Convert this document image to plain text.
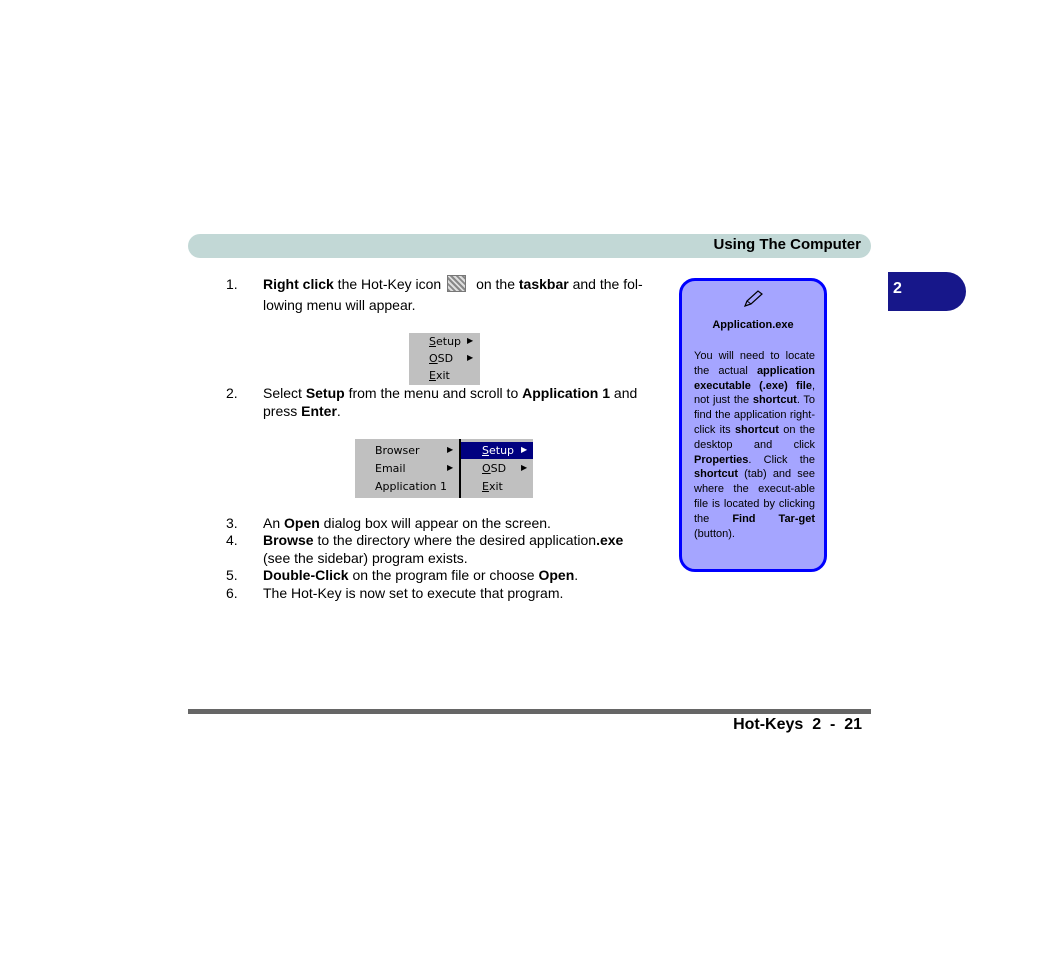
Using The Computer
2
1. Right click the Hot-Key icon on the taskbar and the fol-
lowing menu will appear.
Setup ▶
OSD ▶
Exit
2. Select Setup from the menu and scroll to Application 1 and
press Enter.
Browser	▶
Email	▶
Application 1
Setup ▶
OSD ▶
Exit
3. An Open dialog box will appear on the screen.
4. Browse to the directory where the desired application.exe
(see the sidebar) program exists.
5. Double-Click on the program file or choose Open.
6. The Hot-Key is now set to execute that program.
Application.exe
You will need to locate the actual application executable (.exe) file, not just the shortcut. To find the application right-click its shortcut on the desktop and click Properties. Click the shortcut (tab) and see where the execut-able file is located by clicking the Find Tar-get (button).
Hot-Keys  2  -  21
